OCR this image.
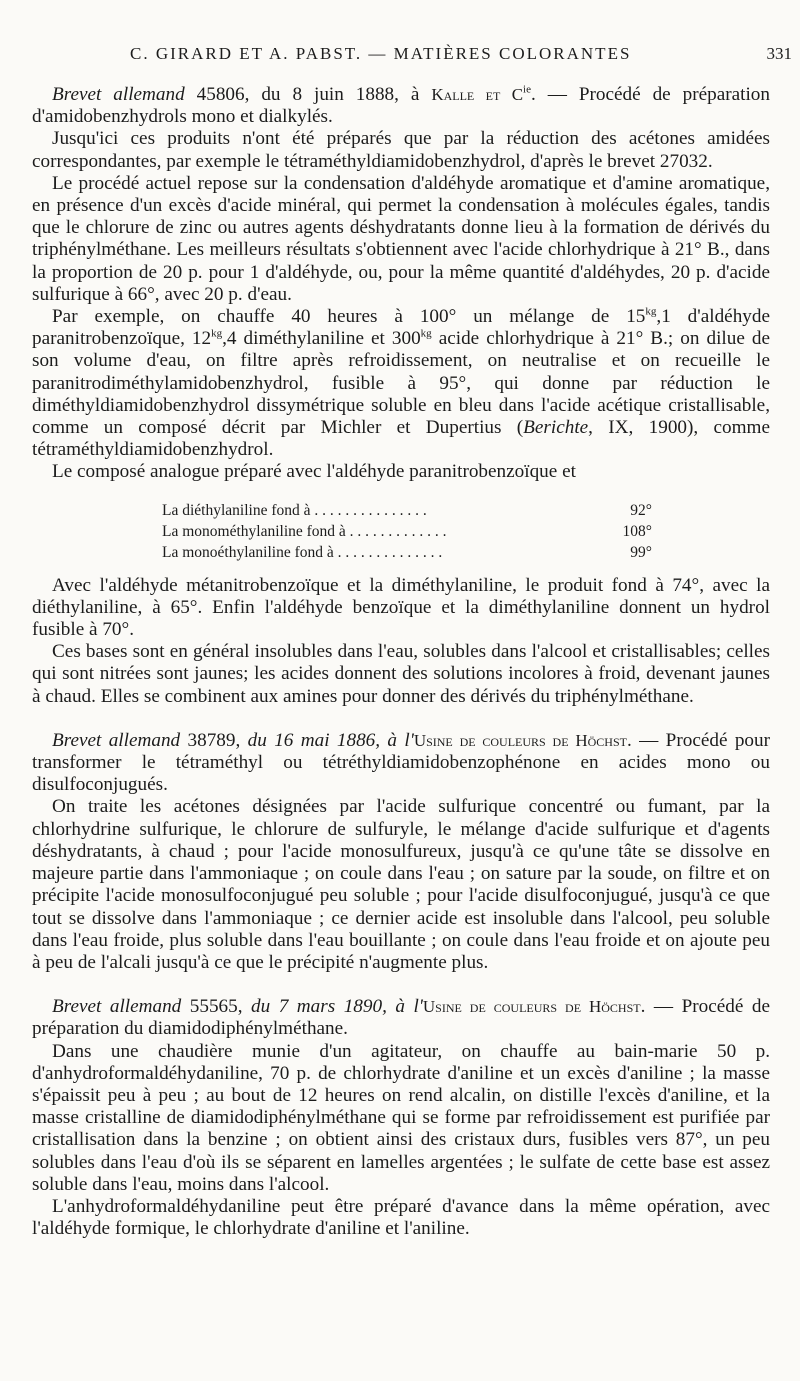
C. GIRARD ET A. PABST. — MATIÈRES COLORANTES	331

Brevet allemand 45806, du 8 juin 1888, à Kalle et $C^{ie}$. — Procédé de préparation d'amidobenzhydrols mono et dialkylés.

Jusqu'ici ces produits n'ont été préparés que par la réduction des acétones amidées correspondantes, par exemple le tétraméthyldiamidobenzhydrol, d'après le brevet 27032.

Le procédé actuel repose sur la condensation d'aldéhyde aromatique et d'amine aromatique, en présence d'un excès d'acide minéral, qui permet la condensation à molécules égales, tandis que le chlorure de zinc ou autres agents déshydratants donne lieu à la formation de dérivés du triphénylméthane. Les meilleurs résultats s'obtiennent avec l'acide chlorhydrique à 21° B., dans la proportion de 20 p. pour 1 d'aldéhyde, ou, pour la même quantité d'aldéhydes, 20 p. d'acide sulfurique à 66°, avec 20 p. d'eau.

Par exemple, on chauffe 40 heures à 100° un mélange de $15^{kg},1$ d'aldéhyde paranitrobenzoïque, $12^{kg},4$ diméthylaniline et $300^{kg}$ acide chlorhydrique à 21° B.; on dilue de son volume d'eau, on filtre après refroidissement, on neutralise et on recueille le paranitrodiméthylamidobenzhydrol, fusible à 95°, qui donne par réduction le diméthyldiamidobenzhydrol dissymétrique soluble en bleu dans l'acide acétique cristallisable, comme un composé décrit par Michler et Dupertius (Berichte, IX, 1900), comme tétraméthyldiamidobenzhydrol.

Le composé analogue préparé avec l'aldéhyde paranitrobenzoïque et

La diéthylaniline fond à . . . . . . . . . . . . . . .	92°
La monométhylaniline fond à . . . . . . . . . . . . .	108°
La monoéthylaniline fond à . . . . . . . . . . . . . .	99°

Avec l'aldéhyde métanitrobenzoïque et la diméthylaniline, le produit fond à 74°, avec la diéthylaniline, à 65°. Enfin l'aldéhyde benzoïque et la diméthylaniline donnent un hydrol fusible à 70°.

Ces bases sont en général insolubles dans l'eau, solubles dans l'alcool et cristallisables; celles qui sont nitrées sont jaunes; les acides donnent des solutions incolores à froid, devenant jaunes à chaud. Elles se combinent aux amines pour donner des dérivés du triphénylméthane.

Brevet allemand 38789, du 16 mai 1886, à l'Usine de couleurs de Höchst. — Procédé pour transformer le tétraméthyl ou tétréthyldiamidobenzophénone en acides mono ou disulfoconjugués.

On traite les acétones désignées par l'acide sulfurique concentré ou fumant, par la chlorhydrine sulfurique, le chlorure de sulfuryle, le mélange d'acide sulfurique et d'agents déshydratants, à chaud ; pour l'acide monosulfureux, jusqu'à ce qu'une tâte se dissolve en majeure partie dans l'ammoniaque ; on coule dans l'eau ; on sature par la soude, on filtre et on précipite l'acide monosulfoconjugué peu soluble ; pour l'acide disulfoconjugué, jusqu'à ce que tout se dissolve dans l'ammoniaque ; ce dernier acide est insoluble dans l'alcool, peu soluble dans l'eau froide, plus soluble dans l'eau bouillante ; on coule dans l'eau froide et on ajoute peu à peu de l'alcali jusqu'à ce que le précipité n'augmente plus.

Brevet allemand 55565, du 7 mars 1890, à l'Usine de couleurs de Höchst. — Procédé de préparation du diamidodiphénylméthane.

Dans une chaudière munie d'un agitateur, on chauffe au bain-marie 50 p. d'anhydroformaldéhydaniline, 70 p. de chlorhydrate d'aniline et un excès d'aniline ; la masse s'épaissit peu à peu ; au bout de 12 heures on rend alcalin, on distille l'excès d'aniline, et la masse cristalline de diamidodiphénylméthane qui se forme par refroidissement est purifiée par cristallisation dans la benzine ; on obtient ainsi des cristaux durs, fusibles vers 87°, un peu solubles dans l'eau d'où ils se séparent en lamelles argentées ; le sulfate de cette base est assez soluble dans l'eau, moins dans l'alcool.

L'anhydroformaldéhydaniline peut être préparé d'avance dans la même opération, avec l'aldéhyde formique, le chlorhydrate d'aniline et l'aniline.
